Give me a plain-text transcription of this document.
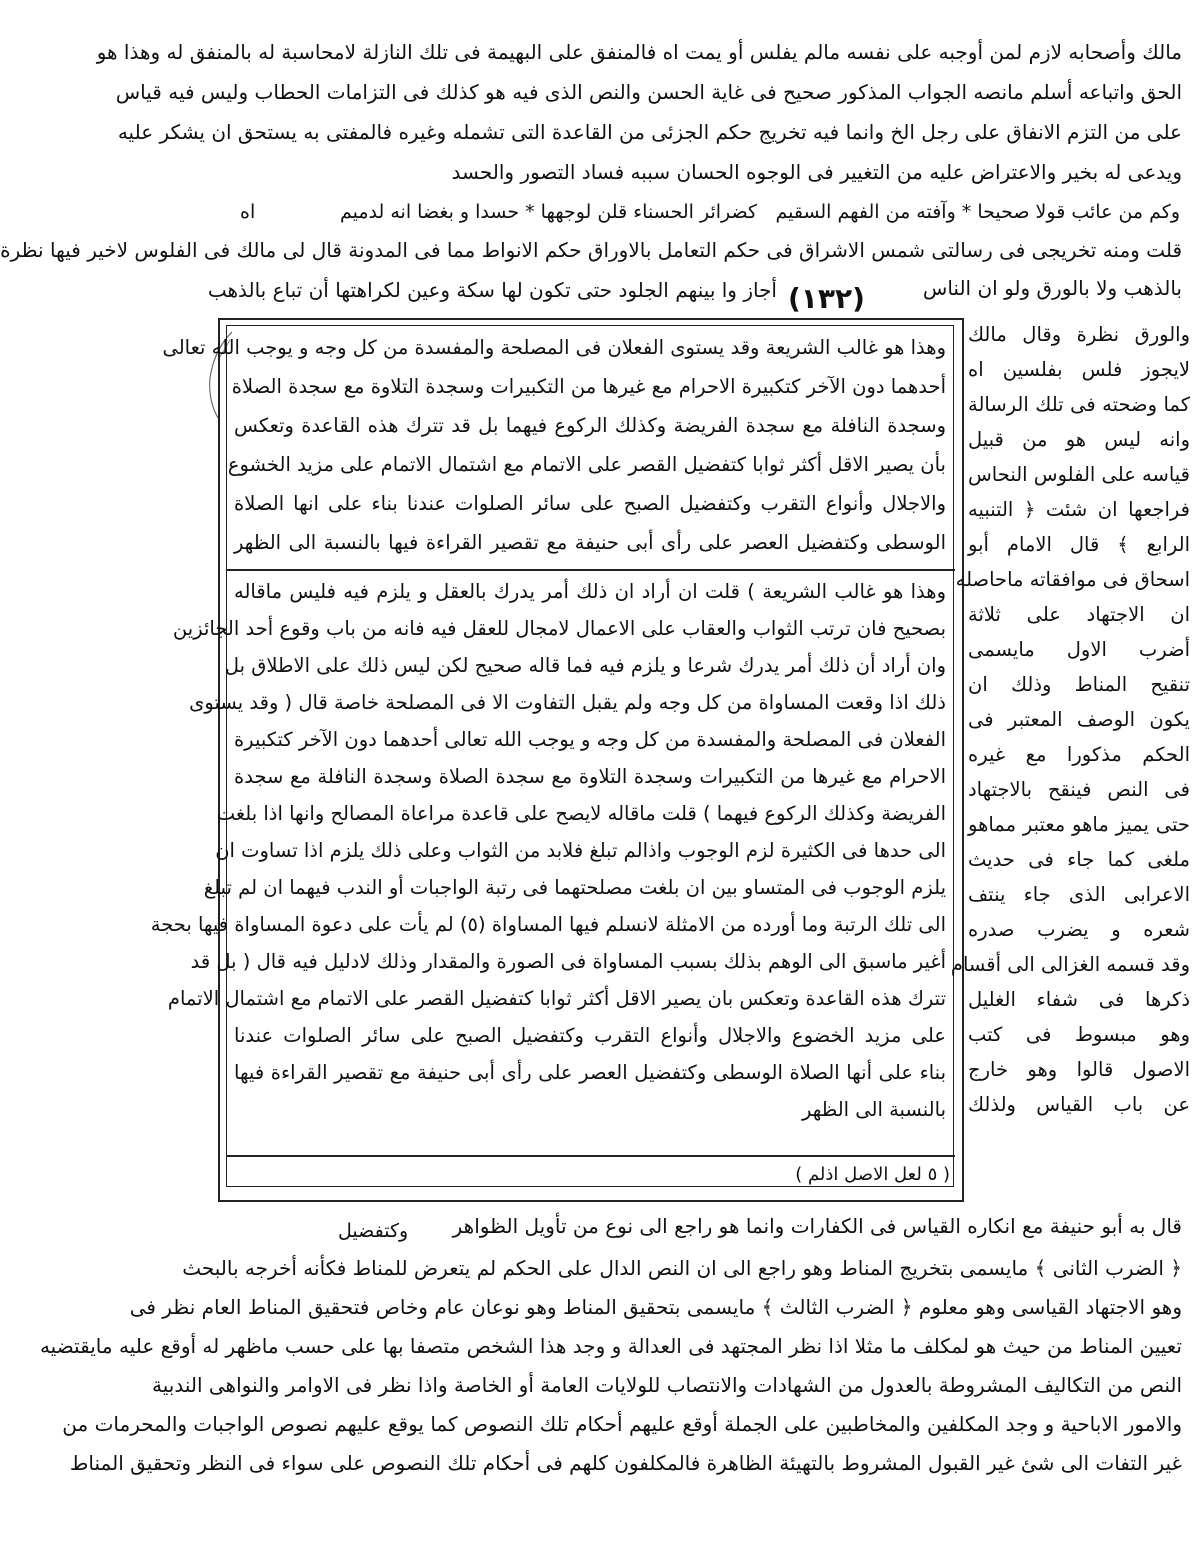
مالك وأصحابه لازم لمن أوجبه على نفسه مالم يفلس أو يمت اه فالمنفق على البهيمة فى تلك النازلة لامحاسبة له بالمنفق له وهذا هو
الحق واتباعه أسلم مانصه الجواب المذكور صحيح فى غاية الحسن والنص الذى فيه هو كذلك فى التزامات الحطاب وليس فيه قياس
على من التزم الانفاق على رجل الخ وانما فيه تخريج حكم الجزئى من القاعدة التى تشمله وغيره فالمفتى به يستحق ان يشكر عليه
ويدعى له بخير والاعتراض عليه من التغيير فى الوجوه الحسان سببه فساد التصور والحسد
وكم من عائب قولا صحيحا * وآفته من الفهم السقيم
كضرائر الحسناء قلن لوجهها * حسدا و بغضا انه لدميم
اه
قلت ومنه تخريجى فى رسالتى شمس الاشراق فى حكم التعامل بالاوراق حكم الانواط مما فى المدونة قال لى مالك فى الفلوس لاخير فيها نظرة
بالذهب ولا بالورق ولو ان الناس
أجاز وا بينهم الجلود حتى تكون لها سكة وعين لكراهتها أن تباع بالذهب (١٣٢)
وهذا هو غالب الشريعة وقد يستوى الفعلان فى المصلحة والمفسدة من كل وجه و يوجب الله تعالى
أحدهما دون الآخر كتكبيرة الاحرام مع غيرها من التكبيرات وسجدة التلاوة مع سجدة الصلاة
وسجدة النافلة مع سجدة الفريضة وكذلك الركوع فيهما بل قد تترك هذه القاعدة وتعكس
بأن يصير الاقل أكثر ثوابا كتفضيل القصر على الاتمام مع اشتمال الاتمام على مزيد الخشوع
والاجلال وأنواع التقرب وكتفضيل الصبح على سائر الصلوات عندنا بناء على انها الصلاة
الوسطى وكتفضيل العصر على رأى أبى حنيفة مع تقصير القراءة فيها بالنسبة الى الظهر
وهذا هو غالب الشريعة ) قلت ان أراد ان ذلك أمر يدرك بالعقل و يلزم فيه فليس ماقاله
بصحيح فان ترتب الثواب والعقاب على الاعمال لامجال للعقل فيه فانه من باب وقوع أحد الجائزين
وان أراد أن ذلك أمر يدرك شرعا و يلزم فيه فما قاله صحيح لكن ليس ذلك على الاطلاق بل
ذلك اذا وقعت المساواة من كل وجه ولم يقبل التفاوت الا فى المصلحة خاصة قال ( وقد يستوى
الفعلان فى المصلحة والمفسدة من كل وجه و يوجب الله تعالى أحدهما دون الآخر كتكبيرة
الاحرام مع غيرها من التكبيرات وسجدة التلاوة مع سجدة الصلاة وسجدة النافلة مع سجدة
الفريضة وكذلك الركوع فيهما ) قلت ماقاله لايصح على قاعدة مراعاة المصالح وانها اذا بلغت
الى حدها فى الكثيرة لزم الوجوب واذالم تبلغ فلابد من الثواب وعلى ذلك يلزم اذا تساوت ان
يلزم الوجوب فى المتساو بين ان بلغت مصلحتهما فى رتبة الواجبات أو الندب فيهما ان لم تبلغ
الى تلك الرتبة وما أورده من الامثلة لانسلم فيها المساواة (٥) لم يأت على دعوة المساواة فيها بحجة
أغير ماسبق الى الوهم بذلك بسبب المساواة فى الصورة والمقدار وذلك لادليل فيه قال ( بل قد
تترك هذه القاعدة وتعكس بان يصير الاقل أكثر ثوابا كتفضيل القصر على الاتمام مع اشتمال الاتمام
على مزيد الخضوع والاجلال وأنواع التقرب وكتفضيل الصبح على سائر الصلوات عندنا
بناء على أنها الصلاة الوسطى وكتفضيل العصر على رأى أبى حنيفة مع تقصير القراءة فيها
بالنسبة الى الظهر
( ٥ لعل الاصل اذلم )
والورق نظرة وقال مالك
لايجوز فلس بفلسين اه
كما وضحته فى تلك الرسالة
وانه ليس هو من قبيل
قياسه على الفلوس النحاس
فراجعها ان شئت ﴿ التنبيه
الرابع ﴾ قال الامام أبو
اسحاق فى موافقاته ماحاصله
ان الاجتهاد على ثلاثة
أضرب الاول مايسمى
تنقيح المناط وذلك ان
يكون الوصف المعتبر فى
الحكم مذكورا مع غيره
فى النص فينقح بالاجتهاد
حتى يميز ماهو معتبر مماهو
ملغى كما جاء فى حديث
الاعرابى الذى جاء ينتف
شعره و يضرب صدره
وقد قسمه الغزالى الى أقسام
ذكرها فى شفاء الغليل
وهو مبسوط فى كتب
الاصول قالوا وهو خارج
عن باب القياس ولذلك
وكتفضيل قال به أبو حنيفة مع انكاره القياس فى الكفارات وانما هو راجع الى نوع من تأويل الظواهر
﴿ الضرب الثانى ﴾ مايسمى بتخريج المناط وهو راجع الى ان النص الدال على الحكم لم يتعرض للمناط فكأنه أخرجه بالبحث
وهو الاجتهاد القياسى وهو معلوم ﴿ الضرب الثالث ﴾ مايسمى بتحقيق المناط وهو نوعان عام وخاص فتحقيق المناط العام نظر فى
تعيين المناط من حيث هو لمكلف ما مثلا اذا نظر المجتهد فى العدالة و وجد هذا الشخص متصفا بها على حسب ماظهر له أوقع عليه مايقتضيه
النص من التكاليف المشروطة بالعدول من الشهادات والانتصاب للولايات العامة أو الخاصة واذا نظر فى الاوامر والنواهى الندبية
والامور الاباحية و وجد المكلفين والمخاطبين على الجملة أوقع عليهم أحكام تلك النصوص كما يوقع عليهم نصوص الواجبات والمحرمات من
غير التفات الى شئ غير القبول المشروط بالتهيئة الظاهرة فالمكلفون كلهم فى أحكام تلك النصوص على سواء فى النظر وتحقيق المناط
